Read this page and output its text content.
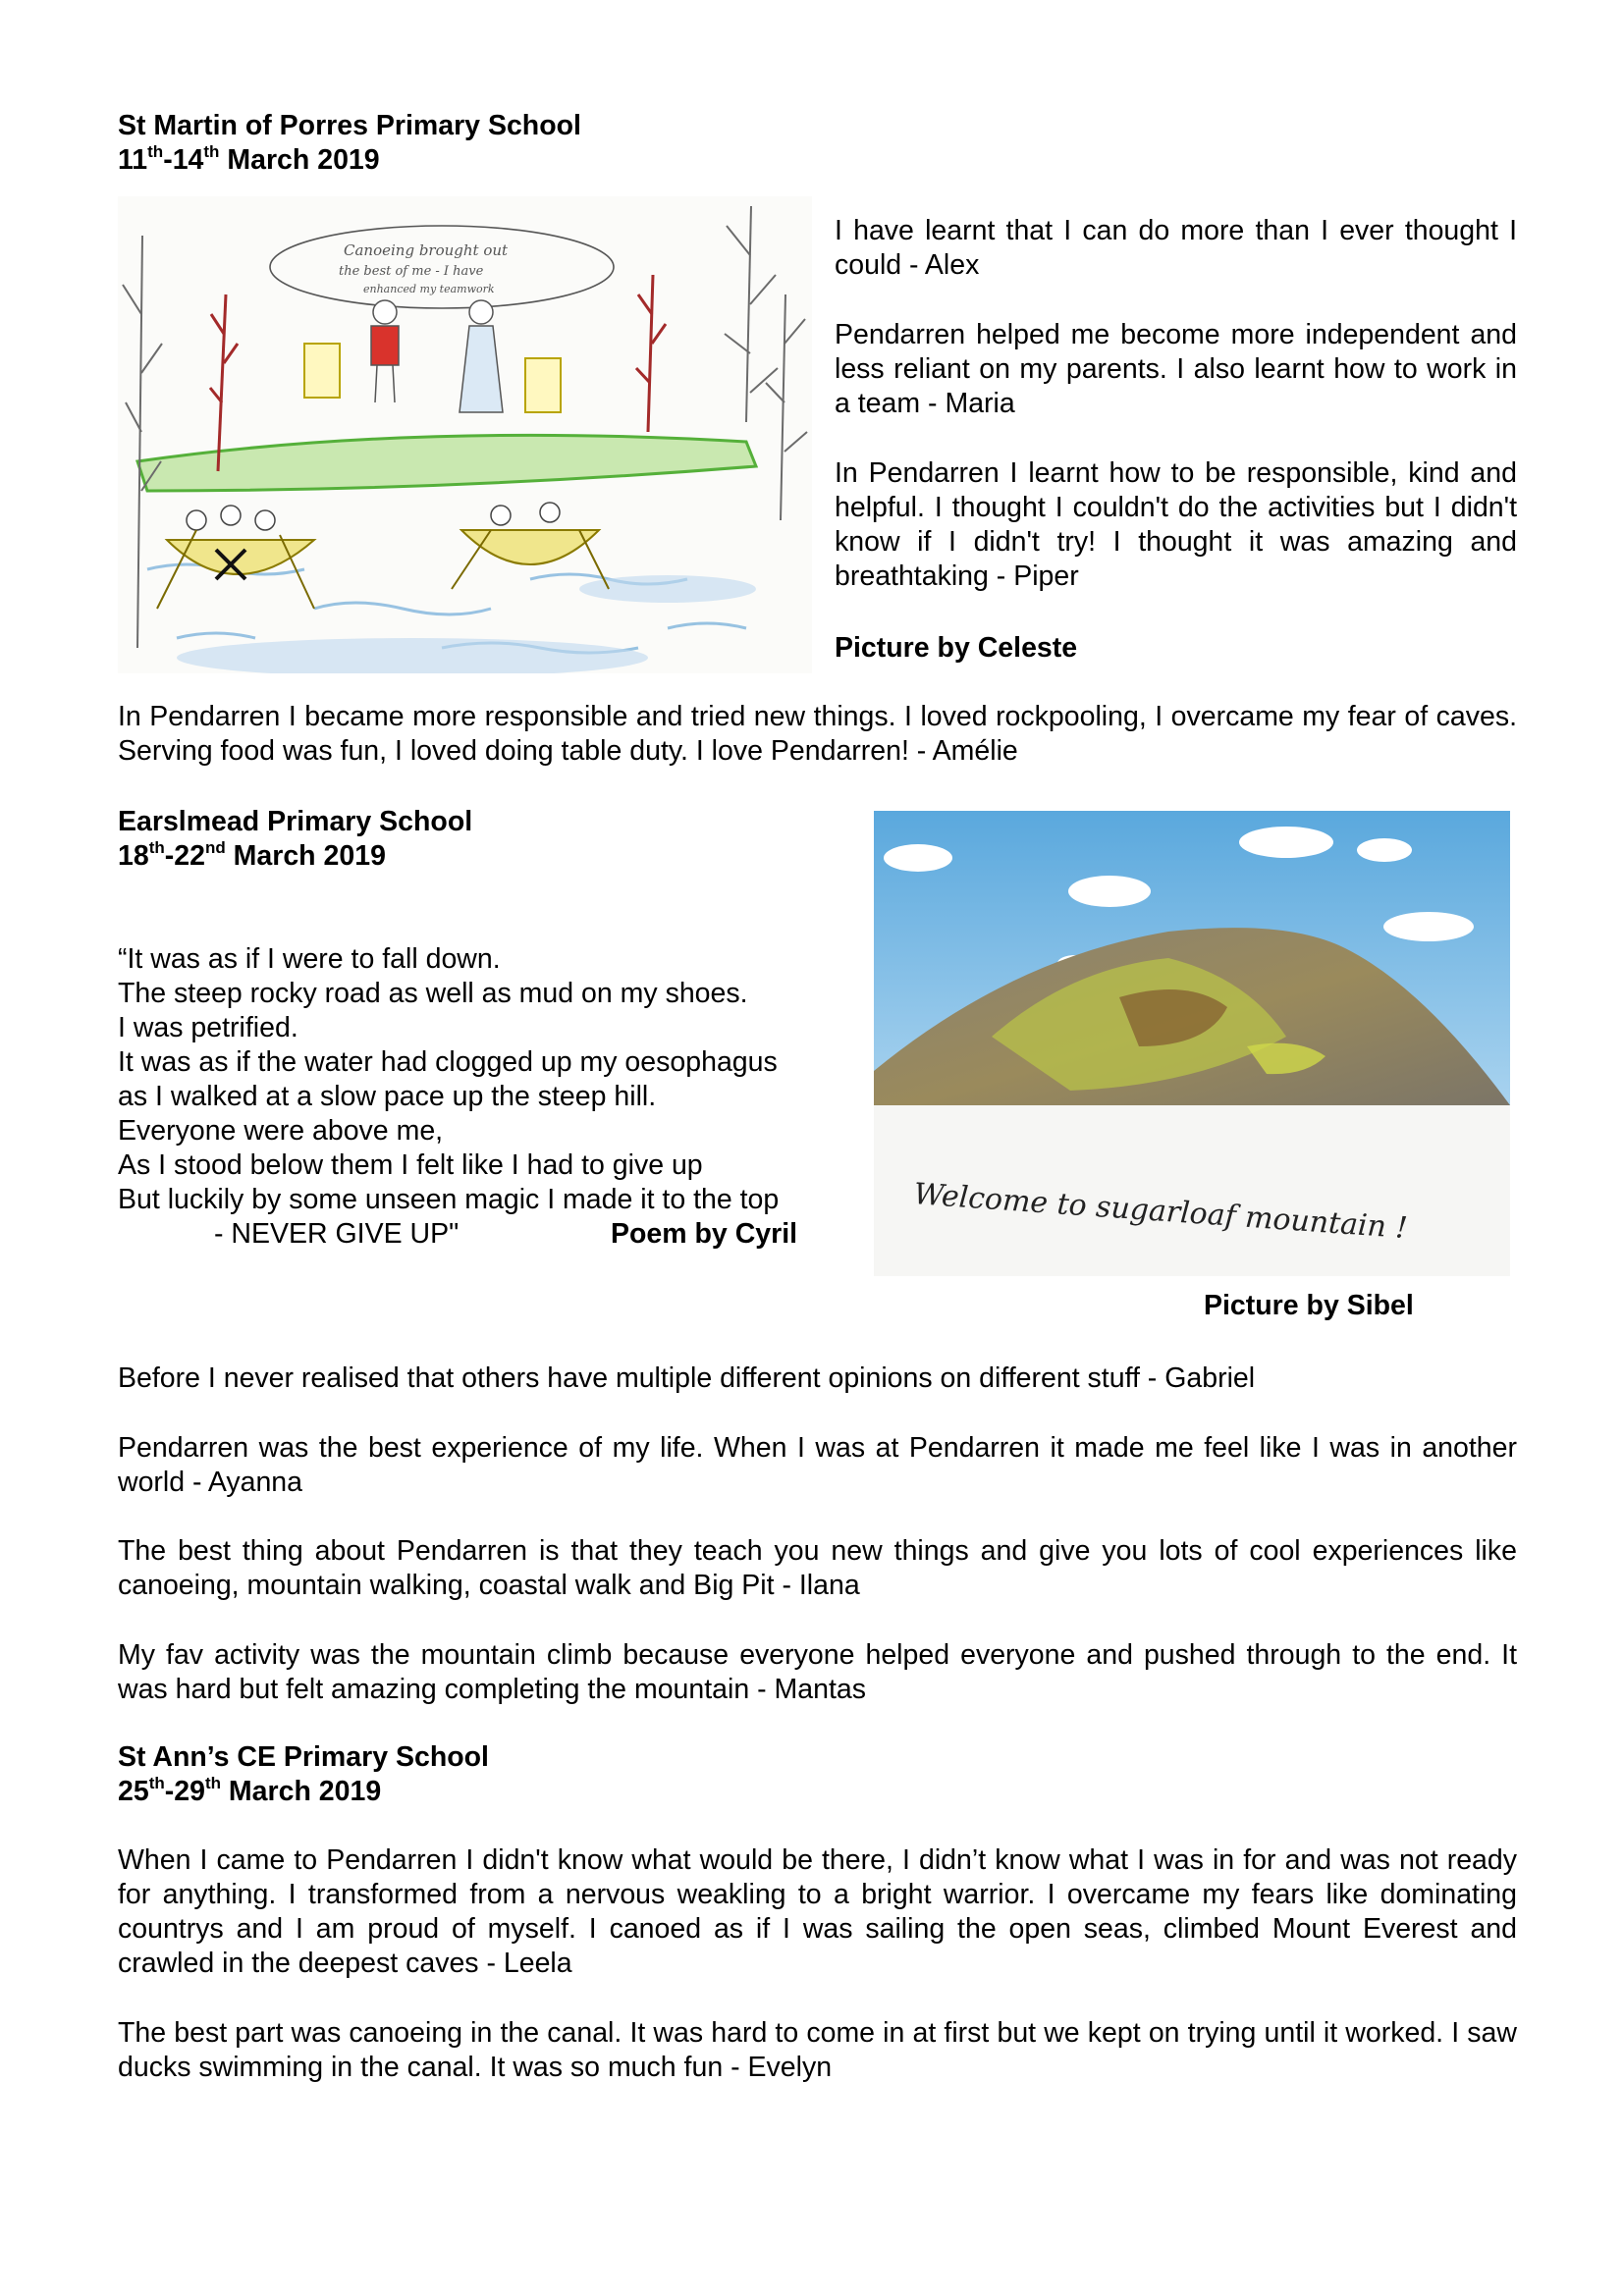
St Martin of Porres Primary School
11th-14th March 2019
Canoeing brought out
the best of me - I have
enhanced my teamwork
I have learnt that I can do more than I ever thought I could - Alex
Pendarren helped me become more independent and less reliant on my parents. I also learnt how to work in a team - Maria
In Pendarren I learnt how to be responsible, kind and helpful. I thought I couldn't do the activities but I didn't know if I didn't try! I thought it was amazing and breathtaking - Piper
Picture by Celeste
In Pendarren I became more responsible and tried new things. I loved rockpooling, I overcame my fear of caves. Serving food was fun, I loved doing table duty. I love Pendarren! - Amélie
Earslmead Primary School
18th-22nd March 2019
“It was as if I were to fall down.
The steep rocky road as well as mud on my shoes.
I was petrified.
It was as if the water had clogged up my oesophagus
as I walked at a slow pace up the steep hill.
Everyone were above me,
As I stood below them I felt like I had to give up
But luckily by some unseen magic I made it to the top
- NEVER GIVE UP"	Poem by Cyril	Welcome to sugarloaf mountain !
Picture by Sibel
Before I never realised that others have multiple different opinions on different stuff - Gabriel
Pendarren was the best experience of my life. When I was at Pendarren it made me feel like I was in another world - Ayanna
The best thing about Pendarren is that they teach you new things and give you lots of cool experiences like canoeing, mountain walking, coastal walk and Big Pit - Ilana
My fav activity was the mountain climb because everyone helped everyone and pushed through to the end. It was hard but felt amazing completing the mountain - Mantas
St Ann’s CE Primary School
25th-29th March 2019
When I came to Pendarren I didn't know what would be there, I didn’t know what I was in for and was not ready for anything. I transformed from a nervous weakling to a bright warrior. I overcame my fears like dominating countrys and I am proud of myself. I canoed as if I was sailing the open seas, climbed Mount Everest and crawled in the deepest caves - Leela
The best part was canoeing in the canal. It was hard to come in at first but we kept on trying until it worked. I saw ducks swimming in the canal. It was so much fun - Evelyn
